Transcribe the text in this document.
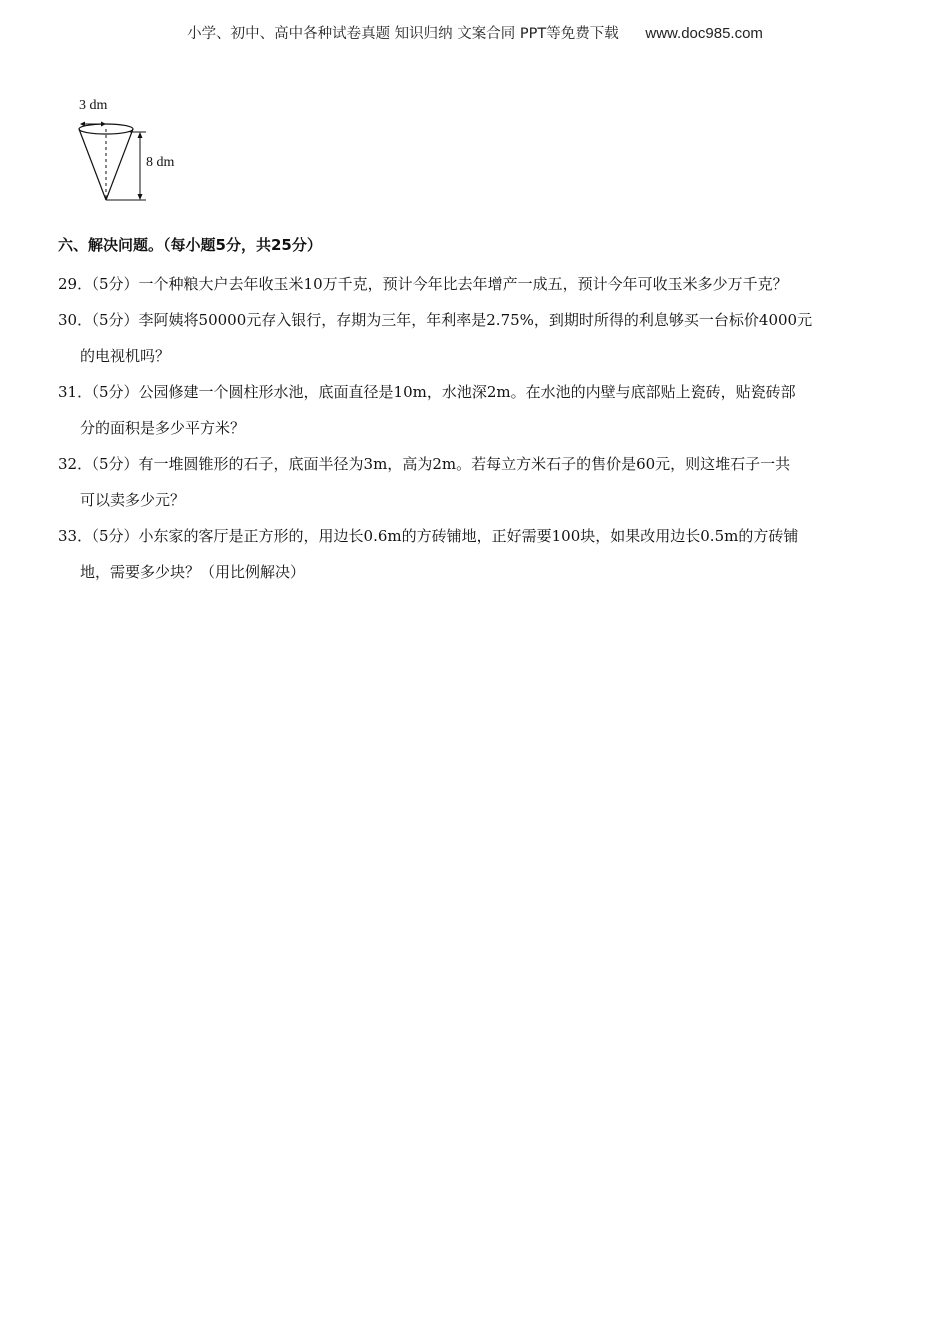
小学、初中、高中各种试卷真题 知识归纳 文案合同 PPT等免费下载 www.doc985.com
3 dm
8 dm
六、解决问题。（每小题5分，共25分）
29．（5分）一个种粮大户去年收玉米10万千克，预计今年比去年增产一成五，预计今年可收玉米多少万千克？
30．（5分）李阿姨将50000元存入银行，存期为三年，年利率是2.75%，到期时所得的利息够买一台标价4000元
的电视机吗？
31．（5分）公园修建一个圆柱形水池，底面直径是10m，水池深2m。在水池的内壁与底部贴上瓷砖，贴瓷砖部
分的面积是多少平方米？
32．（5分）有一堆圆锥形的石子，底面半径为3m，高为2m。若每立方米石子的售价是60元，则这堆石子一共
可以卖多少元？
33．（5分）小东家的客厅是正方形的，用边长0.6m的方砖铺地，正好需要100块，如果改用边长0.5m的方砖铺
地，需要多少块？（用比例解决）
